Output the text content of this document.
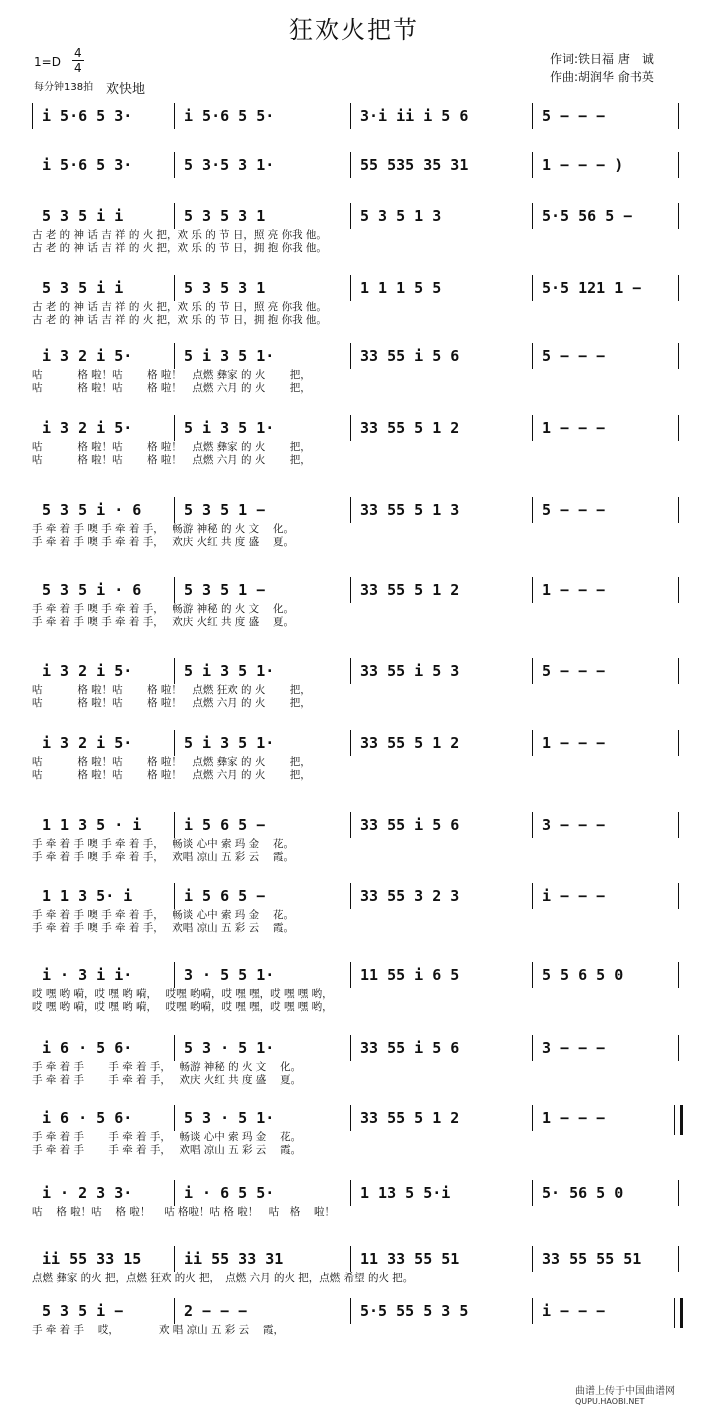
狂欢火把节
1=D
4
4
每分钟138拍 欢快地
作词:铁日福 唐　诚
作曲:胡润华 俞书英
i 5·6 5 3·	i 5·6 5 5·	3·i ii i 5 6	5 − − −
i 5·6 5 3·	5 3·5 3 1·	55 535 35 31	1 − − − )
5 3 5 i i	5 3 5 3 1	5 3 5 1 3	5·5 56 5 −
古 老 的 神 话 吉 祥 的 火 把，欢 乐 的 节 日，照 亮 你我 他。
古 老 的 神 话 吉 祥 的 火 把，欢 乐 的 节 日，拥 抱 你我 他。
5 3 5 i i	5 3 5 3 1	1 1 1 5 5	5·5 121 1 −
古 老 的 神 话 吉 祥 的 火 把，欢 乐 的 节 日，照 亮 你我 他。
古 老 的 神 话 吉 祥 的 火 把，欢 乐 的 节 日，拥 抱 你我 他。
i 3 2 i 5·	5 i 3 5 1·	33 55 i 5 6	5 − − −
咕　　　 格 啦！咕　　 格 啦！　点燃 彝家 的 火　　 把，
咕　　　 格 啦！咕　　 格 啦！　点燃 六月 的 火　　 把，
i 3 2 i 5·	5 i 3 5 1·	33 55 5 1 2	1 − − −
咕　　　 格 啦！咕　　 格 啦！　点燃 彝家 的 火　　 把，
咕　　　 格 啦！咕　　 格 啦！　点燃 六月 的 火　　 把，
5 3 5 i · 6	5 3 5 1 −	33 55 5 1 3	5 − − −
手 牵 着 手 噢 手 牵 着 手，　 畅游 神秘 的 火 文　 化。
手 牵 着 手 噢 手 牵 着 手，　 欢庆 火红 共 度 盛　 夏。
5 3 5 i · 6	5 3 5 1 −	33 55 5 1 2	1 − − −
手 牵 着 手 噢 手 牵 着 手，　 畅游 神秘 的 火 文　 化。
手 牵 着 手 噢 手 牵 着 手，　 欢庆 火红 共 度 盛　 夏。
i 3 2 i 5·	5 i 3 5 1·	33 55 i 5 3	5 − − −
咕　　　 格 啦！咕　　 格 啦！　点燃 狂欢 的 火　　 把，
咕　　　 格 啦！咕　　 格 啦！　点燃 六月 的 火　　 把，
i 3 2 i 5·	5 i 3 5 1·	33 55 5 1 2	1 − − −
咕　　　 格 啦！咕　　 格 啦！　点燃 彝家 的 火　　 把，
咕　　　 格 啦！咕　　 格 啦！　点燃 六月 的 火　　 把，
1 1 3 5 · i	i 5 6 5 −	33 55 i 5 6	3 − − −
手 牵 着 手 噢 手 牵 着 手，　 畅谈 心中 索 玛 金　 花。
手 牵 着 手 噢 手 牵 着 手，　 欢唱 凉山 五 彩 云　 霞。
1 1 3 5· i	i 5 6 5 −	33 55 3 2 3	i − − −
手 牵 着 手 噢 手 牵 着 手，　 畅谈 心中 索 玛 金　 花。
手 牵 着 手 噢 手 牵 着 手，　 欢唱 凉山 五 彩 云　 霞。
i · 3 i i·	3 · 5 5 1·	11 55 i 6 5	5 5 6 5 0
哎 嘿 哟 嗬，哎 嘿 哟 嗬，　 哎嘿 哟嗬，哎 嘿 嘿，哎 嘿 嘿 哟，
哎 嘿 哟 嗬，哎 嘿 哟 嗬，　 哎嘿 哟嗬，哎 嘿 嘿，哎 嘿 嘿 哟，
i 6 · 5 6·	5 3 · 5 1·	33 55 i 5 6	3 − − −
手 牵 着 手　　 手 牵 着 手，　 畅游 神秘 的 火 文　 化。
手 牵 着 手　　 手 牵 着 手，　 欢庆 火红 共 度 盛　 夏。
i 6 · 5 6·	5 3 · 5 1·	33 55 5 1 2	1 − − −
手 牵 着 手　　 手 牵 着 手，　 畅谈 心中 索 玛 金　 花。
手 牵 着 手　　 手 牵 着 手，　 欢唱 凉山 五 彩 云　 霞。
i · 2 3 3·	i · 6 5 5·	1 13 5 5·i	5· 56 5 0
咕　 格 啦！咕　 格 啦！　 咕 格啦！咕 格 啦！　咕　格　 啦！
ii 55 33 15	ii 55 33 31	11 33 55 51	33 55 55 51
点燃 彝家 的火 把，点燃 狂欢 的火 把，　点燃 六月 的火 把，点燃 希望 的火 把。
5 3 5 i −	2 − − −	5·5 55 5 3 5	i − − −
手 牵 着 手　 哎，　　　　 欢 唱 凉山 五 彩 云　 霞，
曲谱上传于中国曲谱网
QUPU.HAOBI.NET
